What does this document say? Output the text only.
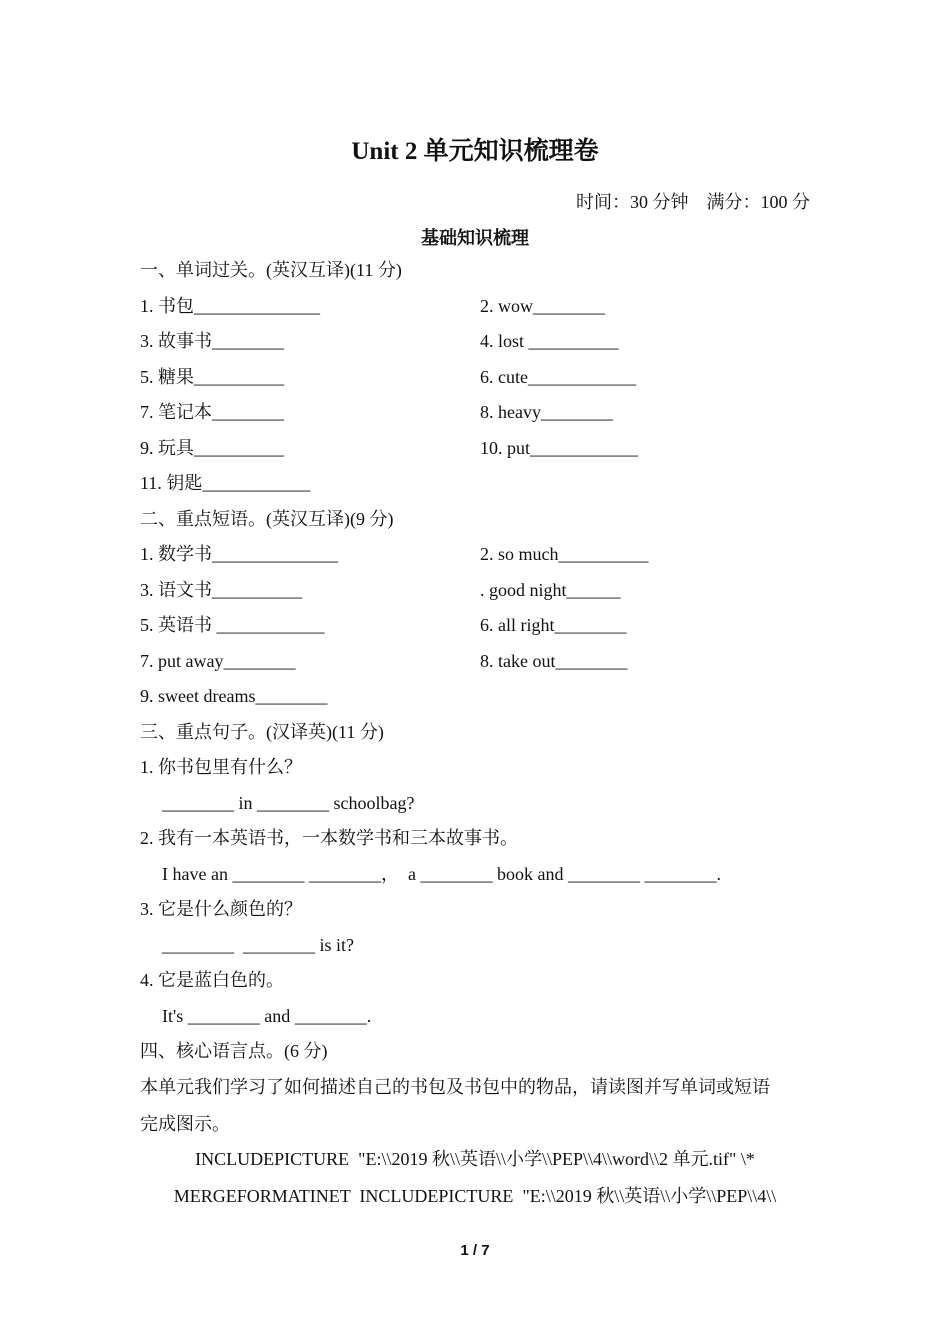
Unit 2 单元知识梳理卷
时间：30 分钟    满分：100 分
基础知识梳理
一、单词过关。(英汉互译)(11 分)
1. 书包______________	2. wow________
3. 故事书________	4. lost __________
5. 糖果__________	6. cute____________
7. 笔记本________	8. heavy________
9. 玩具__________	10. put____________
11. 钥匙____________
二、重点短语。(英汉互译)(9 分)
1. 数学书______________	2. so much__________
3. 语文书__________	. good night______
5. 英语书 ____________	6. all right________
7. put away________	8. take out________
9. sweet dreams________
三、重点句子。(汉译英)(11 分)
1. 你书包里有什么？
________ in ________ schoolbag?
2. 我有一本英语书，一本数学书和三本故事书。
I have an ________ ________，  a ________ book and ________ ________.
3. 它是什么颜色的？
________  ________ is it?
4. 它是蓝白色的。
It's ________ and ________.
四、核心语言点。(6 分)
本单元我们学习了如何描述自己的书包及书包中的物品，请读图并写单词或短语
完成图示。
INCLUDEPICTURE  "E:\\2019 秋\\英语\\小学\\PEP\\4\\word\\2 单元.tif" \*
MERGEFORMATINET  INCLUDEPICTURE  "E:\\2019 秋\\英语\\小学\\PEP\\4\\
1 / 7
